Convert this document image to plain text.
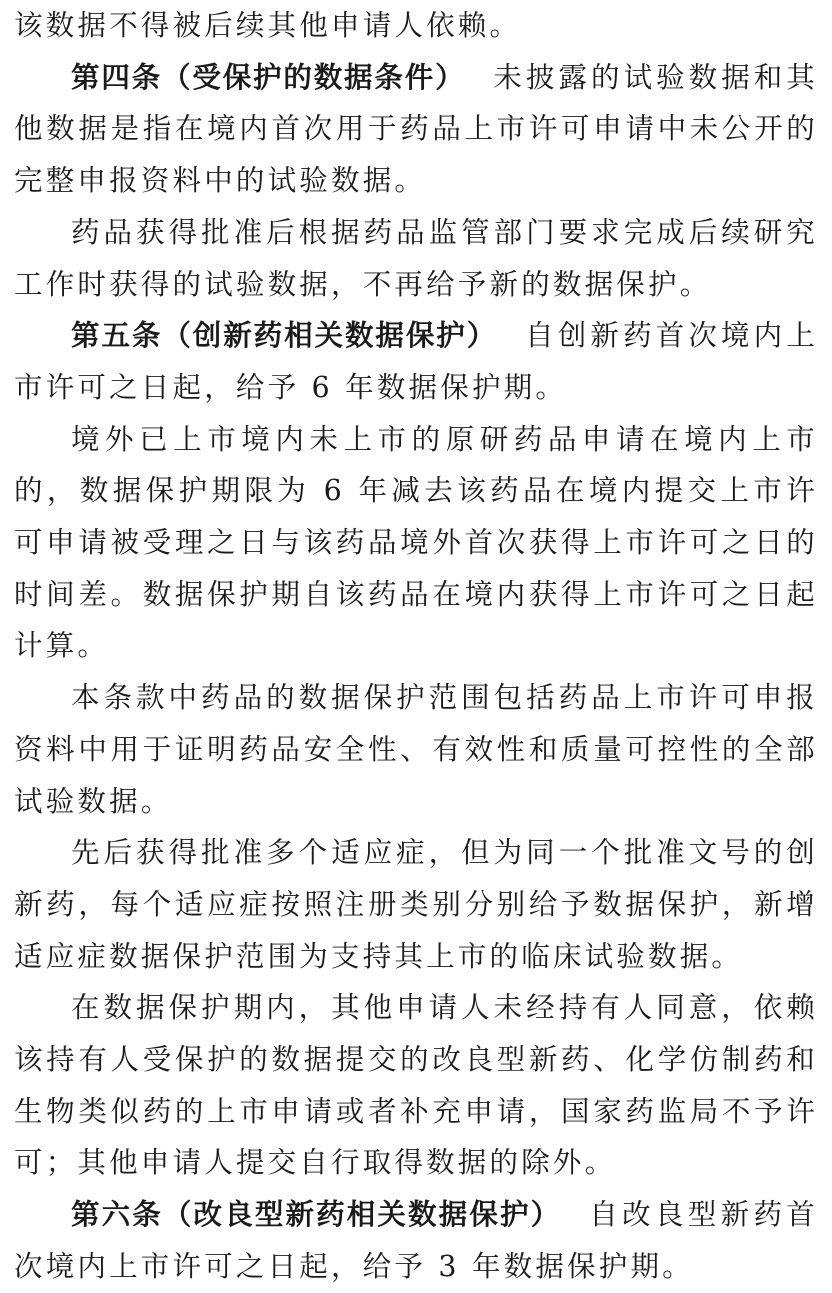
该数据不得被后续其他申请人依赖。

第四条（受保护的数据条件） 未披露的试验数据和其他数据是指在境内首次用于药品上市许可申请中未公开的完整申报资料中的试验数据。

药品获得批准后根据药品监管部门要求完成后续研究工作时获得的试验数据，不再给予新的数据保护。

第五条（创新药相关数据保护） 自创新药首次境内上市许可之日起，给予 6 年数据保护期。

境外已上市境内未上市的原研药品申请在境内上市的，数据保护期限为 6 年减去该药品在境内提交上市许可申请被受理之日与该药品境外首次获得上市许可之日的时间差。数据保护期自该药品在境内获得上市许可之日起计算。

本条款中药品的数据保护范围包括药品上市许可申报资料中用于证明药品安全性、有效性和质量可控性的全部试验数据。

先后获得批准多个适应症，但为同一个批准文号的创新药，每个适应症按照注册类别分别给予数据保护，新增适应症数据保护范围为支持其上市的临床试验数据。

在数据保护期内，其他申请人未经持有人同意，依赖该持有人受保护的数据提交的改良型新药、化学仿制药和生物类似药的上市申请或者补充申请，国家药监局不予许可；其他申请人提交自行取得数据的除外。

第六条（改良型新药相关数据保护） 自改良型新药首次境内上市许可之日起，给予 3 年数据保护期。
